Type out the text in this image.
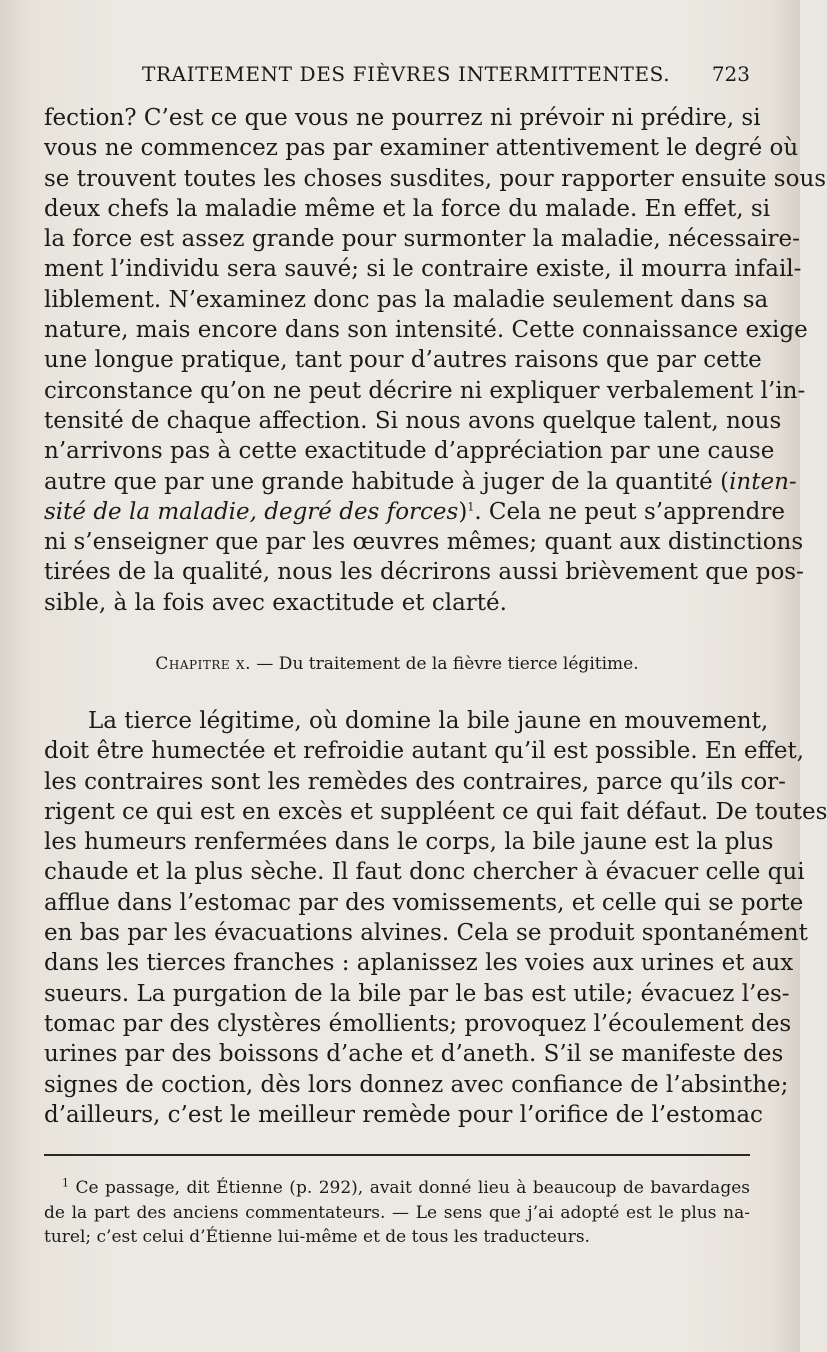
TRAITEMENT DES FIÈVRES INTERMITTENTES. 723
fection? C’est ce que vous ne pourrez ni prévoir ni prédire, si
vous ne commencez pas par examiner attentivement le degré où
se trouvent toutes les choses susdites, pour rapporter ensuite sous
deux chefs la maladie même et la force du malade. En effet, si
la force est assez grande pour surmonter la maladie, nécessaire-
ment l’individu sera sauvé; si le contraire existe, il mourra infail-
liblement. N’examinez donc pas la maladie seulement dans sa
nature, mais encore dans son intensité. Cette connaissance exige
une longue pratique, tant pour d’autres raisons que par cette
circonstance qu’on ne peut décrire ni expliquer verbalement l’in-
tensité de chaque affection. Si nous avons quelque talent, nous
n’arrivons pas à cette exactitude d’appréciation par une cause
autre que par une grande habitude à juger de la quantité (inten-
sité de la maladie, degré des forces)$^1$. Cela ne peut s’apprendre
ni s’enseigner que par les œuvres mêmes; quant aux distinctions
tirées de la qualité, nous les décrirons aussi brièvement que pos-
sible, à la fois avec exactitude et clarté.
Chapitre x. — Du traitement de la fièvre tierce légitime.
La tierce légitime, où domine la bile jaune en mouvement,
doit être humectée et refroidie autant qu’il est possible. En effet,
les contraires sont les remèdes des contraires, parce qu’ils cor-
rigent ce qui est en excès et suppléent ce qui fait défaut. De toutes
les humeurs renfermées dans le corps, la bile jaune est la plus
chaude et la plus sèche. Il faut donc chercher à évacuer celle qui
afflue dans l’estomac par des vomissements, et celle qui se porte
en bas par les évacuations alvines. Cela se produit spontanément
dans les tierces franches : aplanissez les voies aux urines et aux
sueurs. La purgation de la bile par le bas est utile; évacuez l’es-
tomac par des clystères émollients; provoquez l’écoulement des
urines par des boissons d’ache et d’aneth. S’il se manifeste des
signes de coction, dès lors donnez avec confiance de l’absinthe;
d’ailleurs, c’est le meilleur remède pour l’orifice de l’estomac
$^1$ Ce passage, dit Étienne (p. 292), avait donné lieu à beaucoup de bavardages
de la part des anciens commentateurs. — Le sens que j’ai adopté est le plus na-
turel; c’est celui d’Étienne lui-même et de tous les traducteurs.
